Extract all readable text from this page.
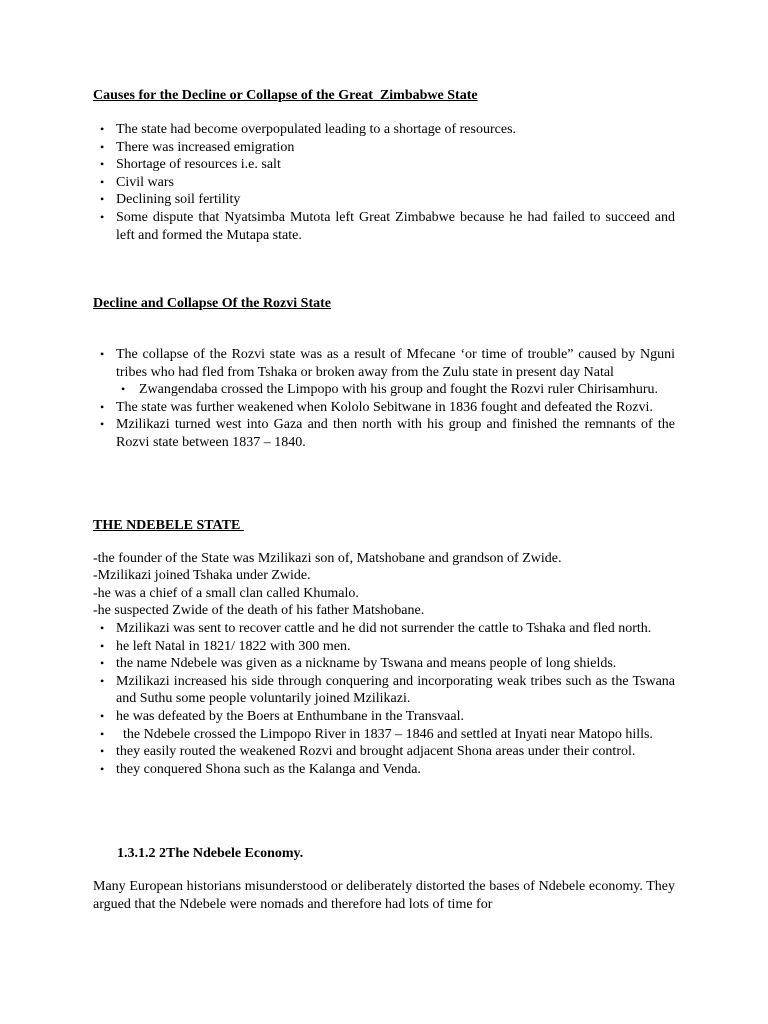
Causes for the Decline or Collapse of the Great  Zimbabwe State
• The state had become overpopulated leading to a shortage of resources.
• There was increased emigration
• Shortage of resources i.e. salt
• Civil wars
• Declining soil fertility
• Some dispute that Nyatsimba Mutota left Great Zimbabwe because he had failed to succeed and left and formed the Mutapa state.
Decline and Collapse Of the Rozvi State
• The collapse of the Rozvi state was as a result of Mfecane ‘or time of trouble” caused by Nguni tribes who had fled from Tshaka or broken away from the Zulu state in present day Natal
• Zwangendaba crossed the Limpopo with his group and fought the Rozvi ruler Chirisamhuru.
• The state was further weakened when Kololo Sebitwane in 1836 fought and defeated the Rozvi.
• Mzilikazi turned west into Gaza and then north with his group and finished the remnants of the Rozvi state between 1837 – 1840.
THE NDEBELE STATE
-the founder of the State was Mzilikazi son of, Matshobane and grandson of Zwide.
-Mzilikazi joined Tshaka under Zwide.
-he was a chief of a small clan called Khumalo.
-he suspected Zwide of the death of his father Matshobane.
• Mzilikazi was sent to recover cattle and he did not surrender the cattle to Tshaka and fled north.
• he left Natal in 1821/ 1822 with 300 men.
• the name Ndebele was given as a nickname by Tswana and means people of long shields.
• Mzilikazi increased his side through conquering and incorporating weak tribes such as the Tswana and Suthu some people voluntarily joined Mzilikazi.
• he was defeated by the Boers at Enthumbane in the Transvaal.
• the Ndebele crossed the Limpopo River in 1837 – 1846 and settled at Inyati near Matopo hills.
• they easily routed the weakened Rozvi and brought adjacent Shona areas under their control.
• they conquered Shona such as the Kalanga and Venda.
1.3.1.2 2The Ndebele Economy.

Many European historians misunderstood or deliberately distorted the bases of Ndebele economy. They argued that the Ndebele were nomads and therefore had lots of time for
